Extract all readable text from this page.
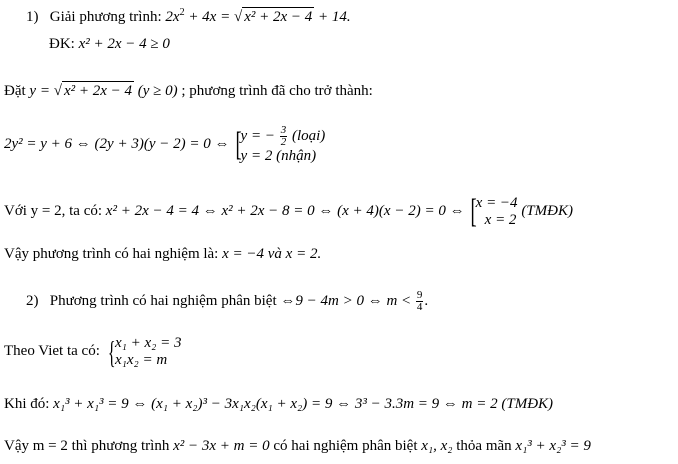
1) Giải phương trình: $2x^2 + 4x$ = √ x² + 2x − 4 + 14.
ĐK: x² + 2x − 4 ≥ 0
Đặt y = √ x² + 2x − 4 (y ≥ 0) ; phương trình đã cho trở thành:
2y² = y + 6 ⇔ (2y + 3)(y − 2) = 0 ⇔ [
y = − $\frac{3}{2}$ (loại)
y = 2 (nhận)
Với y = 2, ta có: x² + 2x − 4 = 4 ⇔ x² + 2x − 8 = 0 ⇔ (x + 4)(x − 2) = 0 ⇔ [
x = −4
x = 2
(TMĐK)
Vậy phương trình có hai nghiệm là: x = −4 và x = 2.
2) Phương trình có hai nghiệm phân biệt ⇔9 − 4m > 0 ⇔ $m < \frac{9}{4}$ .
Theo Viet ta có: { x₁ + x₂ = 3
x₁x₂ = m
Khi đó: x₁³ + x₁³ = 9 ⇔ (x₁ + x₂)³ − 3x₁x₂(x₁ + x₂) = 9 ⇔ 3³ − 3.3m = 9 ⇔ m = 2 (TMĐK)
Vậy m = 2 thì phương trình x² − 3x + m = 0 có hai nghiệm phân biệt x₁, x₂ thỏa mãn x₁³ + x₂³ = 9
